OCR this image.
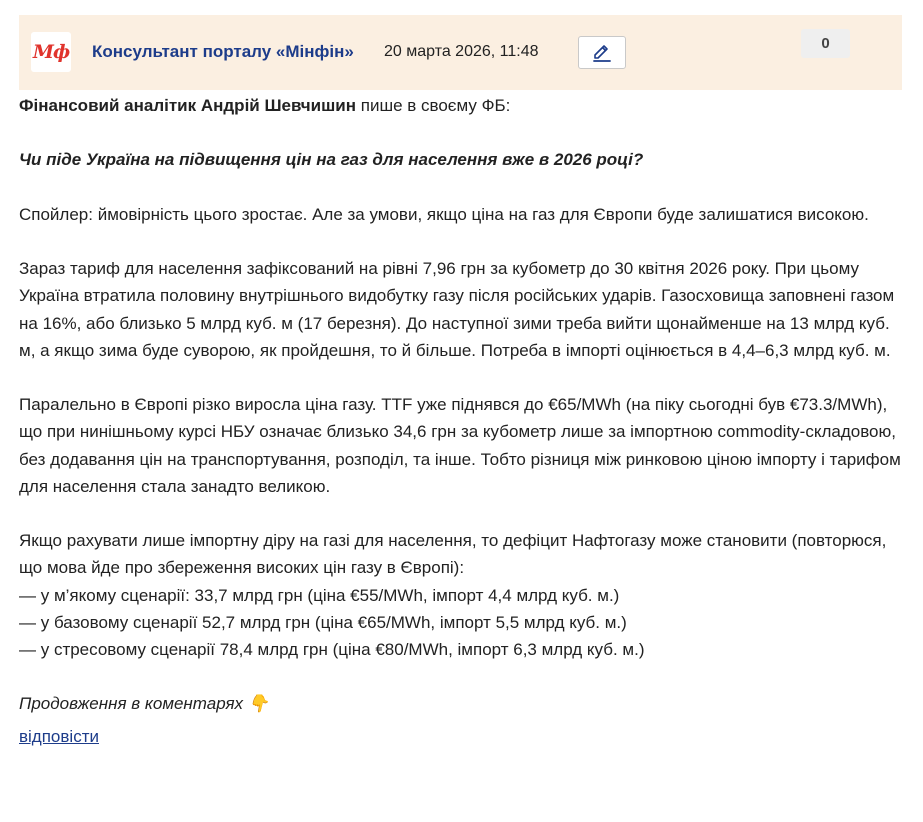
Мф Консультант порталу «Мінфін» 20 марта 2026, 11:48	0

Фінансовий аналітик Андрій Шевчишин пише в своєму ФБ:

Чи піде Україна на підвищення цін на газ для населення вже в 2026 році?

Спойлер: ймовірність цього зростає. Але за умови, якщо ціна на газ для Європи буде залишатися високою.

Зараз тариф для населення зафіксований на рівні 7,96 грн за кубометр до 30 квітня 2026 року. При цьому Україна втратила половину внутрішнього видобутку газу після російських ударів. Газосховища заповнені газом на 16%, або близько 5 млрд куб. м (17 березня). До наступної зими треба вийти щонайменше на 13 млрд куб. м, а якщо зима буде суворою, як пройдешня, то й більше. Потреба в імпорті оцінюється в 4,4–6,3 млрд куб. м.

Паралельно в Європі різко виросла ціна газу. TTF уже піднявся до €65/MWh (на піку сьогодні був €73.3/MWh), що при нинішньому курсі НБУ означає близько 34,6 грн за кубометр лише за імпортною commodity-складовою, без додавання цін на транспортування, розподіл, та інше. Тобто різниця між ринковою ціною імпорту і тарифом для населення стала занадто великою.

Якщо рахувати лише імпортну діру на газі для населення, то дефіцит Нафтогазу може становити (повторюся, що мова йде про збереження високих цін газу в Європі):

— у м’якому сценарії: 33,7 млрд грн (ціна €55/MWh, імпорт 4,4 млрд куб. м.)

— у базовому сценарії 52,7 млрд грн (ціна €65/MWh, імпорт 5,5 млрд куб. м.)

— у стресовому сценарії 78,4 млрд грн (ціна €80/MWh, імпорт 6,3 млрд куб. м.)

Продовження в коментарях 👇

відповісти
